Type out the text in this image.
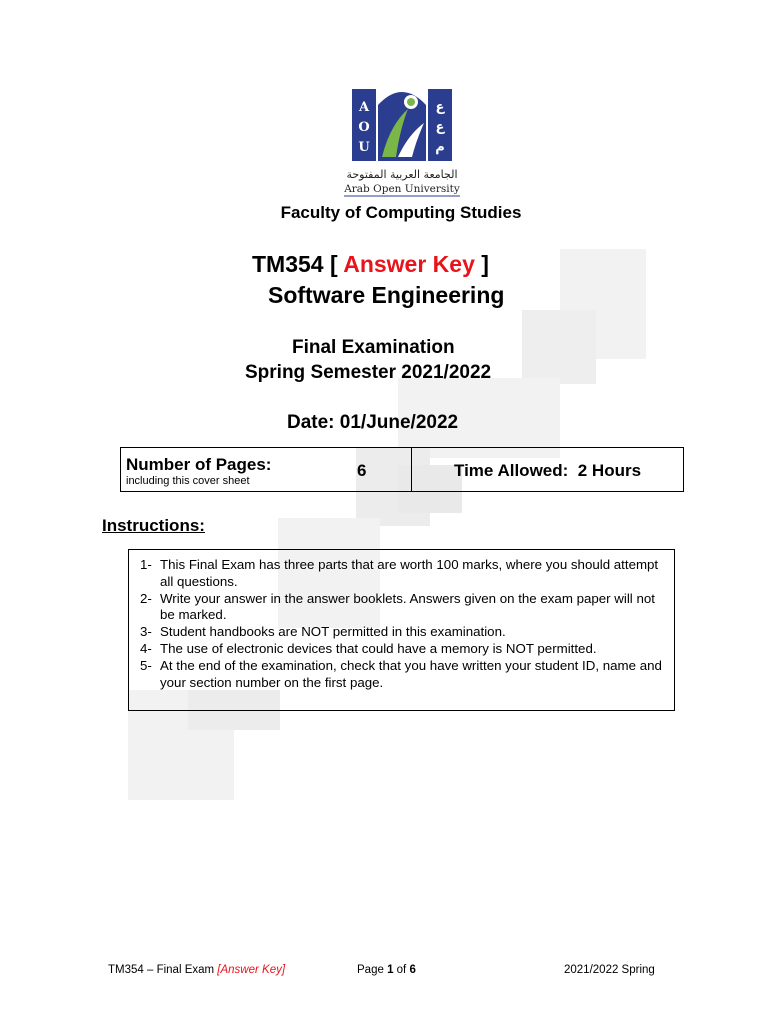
A
O
U
ع
ع
م
الجامعة العربية المفتوحة
Arab Open University
Faculty of Computing Studies
TM354 [ Answer Key ]
Software Engineering
Final Examination
Spring Semester 2021/2022
Date: 01/June/2022
Number of Pages:
including this cover sheet
6	Time Allowed:  2 Hours
Instructions:
1- This Final Exam has three parts that are worth 100 marks, where you should attempt all questions.
2- Write your answer in the answer booklets. Answers given on the exam paper will not be marked.
3- Student handbooks are NOT permitted in this examination.
4- The use of electronic devices that could have a memory is NOT permitted.
5- At the end of the examination, check that you have written your student ID, name and your section number on the first page.
TM354 – Final Exam [Answer Key]	Page 1 of 6	2021/2022 Spring
